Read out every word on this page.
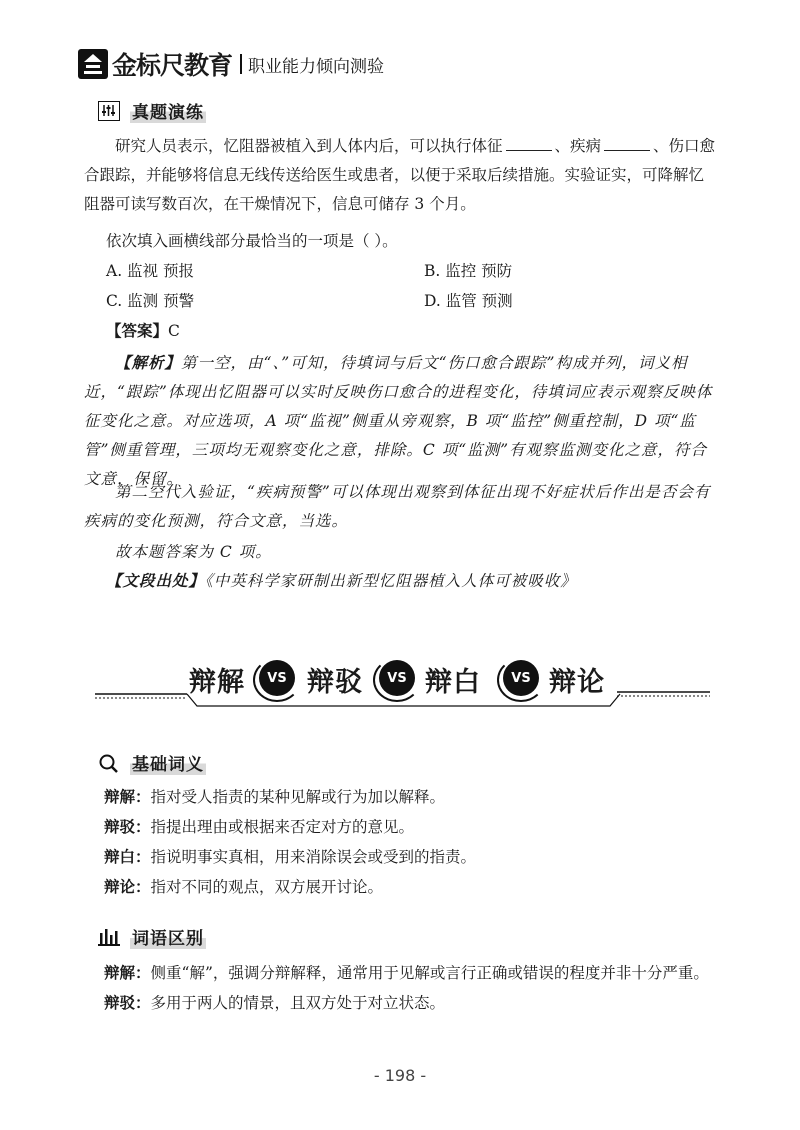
金标尺教育 职业能力倾向测验
真题演练
研究人员表示，忆阻器被植入到人体内后，可以执行体征	、疾病	、伤口愈合跟踪，并能够将信息无线传送给医生或患者，以便于采取后续措施。实验证实，可降解忆阻器可读写数百次，在干燥情况下，信息可储存 3 个月。
依次填入画横线部分最恰当的一项是（ ）。
A. 监视 预报	B. 监控 预防
C. 监测 预警	D. 监管 预测
【答案】C
【解析】第一空，由“、”可知，待填词与后文“伤口愈合跟踪”构成并列，词义相近，“跟踪”体现出忆阻器可以实时反映伤口愈合的进程变化，待填词应表示观察反映体征变化之意。对应选项，A 项“监视”侧重从旁观察，B 项“监控”侧重控制，D 项“监管”侧重管理，三项均无观察变化之意，排除。C 项“监测”有观察监测变化之意，符合文意，保留。
第二空代入验证，“疾病预警”可以体现出观察到体征出现不好症状后作出是否会有疾病的变化预测，符合文意，当选。
故本题答案为 C 项。
【文段出处】《中英科学家研制出新型忆阻器植入人体可被吸收》
辩解	VS 辩驳	VS 辩白	VS 辩论
基础词义
辩解：指对受人指责的某种见解或行为加以解释。
辩驳：指提出理由或根据来否定对方的意见。
辩白：指说明事实真相，用来消除误会或受到的指责。
辩论：指对不同的观点，双方展开讨论。
词语区别
辩解：侧重“解”，强调分辩解释，通常用于见解或言行正确或错误的程度并非十分严重。
辩驳：多用于两人的情景，且双方处于对立状态。
- 198 -
